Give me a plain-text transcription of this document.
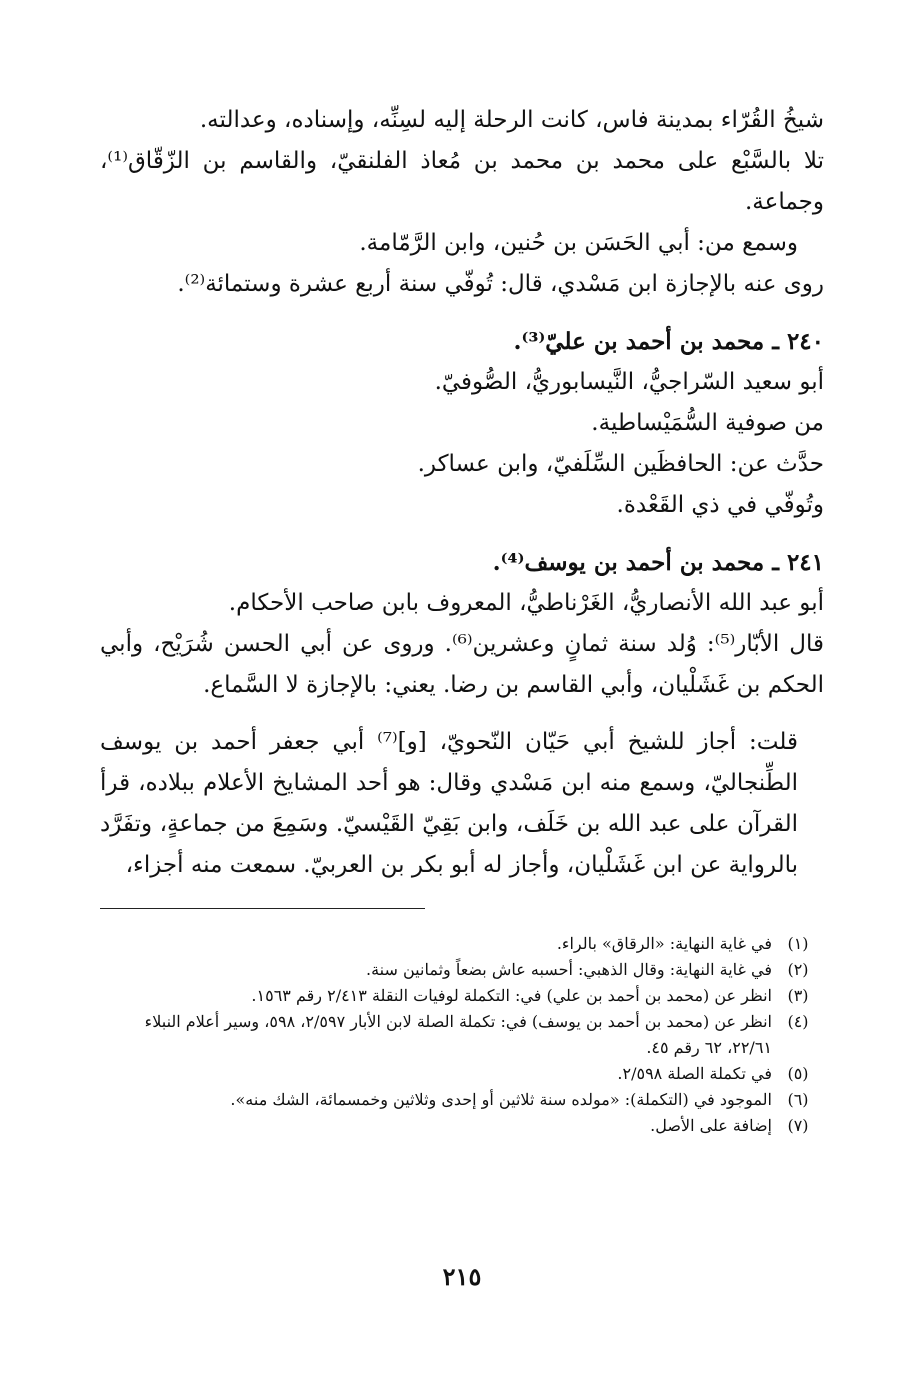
شيخُ القُرّاء بمدينة فاس، كانت الرحلة إليه لسِنِّه، وإسناده، وعدالته.

تلا بالسَّبْع على محمد بن محمد بن مُعاذ الفلنقيّ، والقاسم بن الزّقّاق⁽¹⁾، وجماعة.

وسمع من: أبي الحَسَن بن حُنين، وابن الرَّمّامة.

روى عنه بالإجازة ابن مَسْدي، قال: تُوفّي سنة أربع عشرة وستمائة⁽²⁾.

٢٤٠ ـ محمد بن أحمد بن عليّ⁽³⁾.

أبو سعيد السّراجيُّ، النَّيسابوريُّ، الصُّوفيّ.

من صوفية السُّمَيْساطية.

حدَّث عن: الحافظَين السِّلَفيّ، وابن عساكر.

وتُوفّي في ذي القَعْدة.

٢٤١ ـ محمد بن أحمد بن يوسف⁽⁴⁾.

أبو عبد الله الأنصاريُّ، الغَرْناطيُّ، المعروف بابن صاحب الأحكام.

قال الأبّار⁽⁵⁾: وُلد سنة ثمانٍ وعشرين⁽⁶⁾. وروى عن أبي الحسن شُرَيْح، وأبي الحكم بن غَشَلْيان، وأبي القاسم بن رضا. يعني: بالإجازة لا السَّماع.

قلت: أجاز للشيخ أبي حَيّان النّحويّ، [و]⁽⁷⁾ أبي جعفر أحمد بن يوسف الطِّنجاليّ، وسمع منه ابن مَسْدي وقال: هو أحد المشايخ الأعلام ببلاده، قرأ القرآن على عبد الله بن خَلَف، وابن بَقِيّ القَيْسيّ. وسَمِعَ من جماعةٍ، وتفَرَّد بالرواية عن ابن غَشَلْيان، وأجاز له أبو بكر بن العربيّ. سمعت منه أجزاء،

(١)
في غاية النهاية: «الرقاق» بالراء.
(٢)
في غاية النهاية: وقال الذهبي: أحسبه عاش بضعاً وثمانين سنة.
(٣)
انظر عن (محمد بن أحمد بن علي) في: التكملة لوفيات النقلة ٢/٤١٣ رقم ١٥٦٣.
(٤)
انظر عن (محمد بن أحمد بن يوسف) في: تكملة الصلة لابن الأبار ٢/٥٩٧، ٥٩٨، وسير أعلام النبلاء ٢٢/٦١، ٦٢ رقم ٤٥.
(٥)
في تكملة الصلة ٢/٥٩٨.
(٦)
الموجود في (التكملة): «مولده سنة ثلاثين أو إحدى وثلاثين وخمسمائة، الشك منه».
(٧)
إضافة على الأصل.
٢١٥
